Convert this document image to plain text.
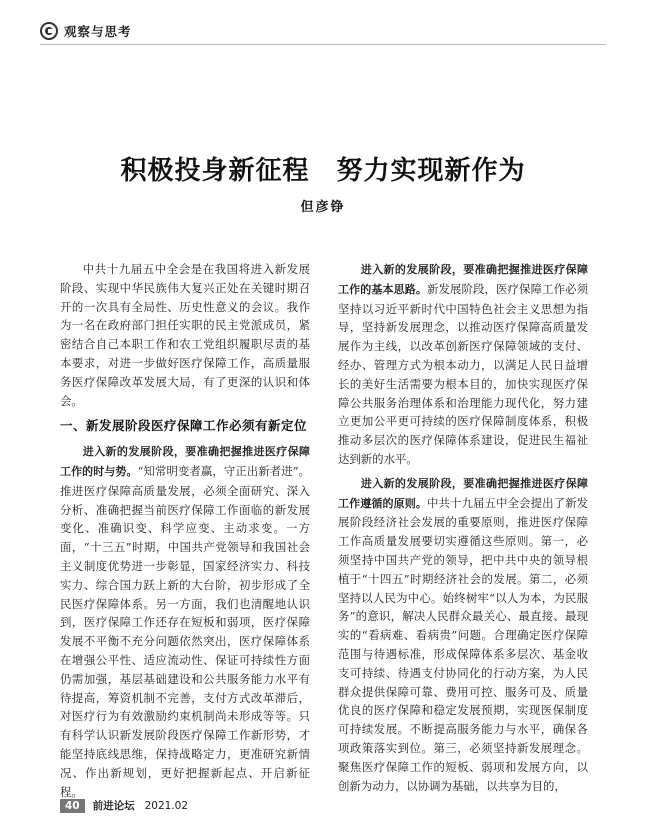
观察与思考
积极投身新征程　努力实现新作为
但彦铮

中共十九届五中全会是在我国将进入新发展阶段、实现中华民族伟大复兴正处在关键时期召开的一次具有全局性、历史性意义的会议。我作为一名在政府部门担任实职的民主党派成员，紧密结合自己本职工作和农工党组织履职尽责的基本要求，对进一步做好医疗保障工作，高质量服务医疗保障改革发展大局，有了更深的认识和体会。

一、新发展阶段医疗保障工作必须有新定位

进入新的发展阶段，要准确把握推进医疗保障工作的时与势。“知常明变者赢，守正出新者进”。推进医疗保障高质量发展，必须全面研究、深入分析、准确把握当前医疗保障工作面临的新发展变化、准确识变、科学应变、主动求变。一方面，“十三五”时期，中国共产党领导和我国社会主义制度优势进一步彰显，国家经济实力、科技实力、综合国力跃上新的大台阶，初步形成了全民医疗保障体系。另一方面，我们也清醒地认识到，医疗保障工作还存在短板和弱项，医疗保障发展不平衡不充分问题依然突出，医疗保障体系在增强公平性、适应流动性、保证可持续性方面仍需加强，基层基础建设和公共服务能力水平有待提高，筹资机制不完善，支付方式改革滞后，对医疗行为有效激励约束机制尚未形成等等。只有科学认识新发展阶段医疗保障工作新形势，才能坚持底线思维，保持战略定力，更准研究新情况、作出新规划，更好把握新起点、开启新征程。

进入新的发展阶段，要准确把握推进医疗保障工作的基本思路。新发展阶段，医疗保障工作必须坚持以习近平新时代中国特色社会主义思想为指导，坚持新发展理念，以推动医疗保障高质量发展作为主线，以改革创新医疗保障领域的支付、经办、管理方式为根本动力，以满足人民日益增长的美好生活需要为根本目的，加快实现医疗保障公共服务治理体系和治理能力现代化，努力建立更加公平更可持续的医疗保障制度体系，积极推动多层次的医疗保障体系建设，促进民生福祉达到新的水平。

进入新的发展阶段，要准确把握推进医疗保障工作遵循的原则。中共十九届五中全会提出了新发展阶段经济社会发展的重要原则，推进医疗保障工作高质量发展要切实遵循这些原则。第一，必须坚持中国共产党的领导，把中共中央的领导根植于“十四五”时期经济社会的发展。第二，必须坚持以人民为中心。始终树牢“以人为本，为民服务”的意识，解决人民群众最关心、最直接、最现实的“看病难、看病贵”问题。合理确定医疗保障范围与待遇标准，形成保障体系多层次、基金收支可持续、待遇支付协同化的行动方案，为人民群众提供保障可靠、费用可控、服务可及、质量优良的医疗保障和稳定发展预期，实现医保制度可持续发展。不断提高服务能力与水平，确保各项政策落实到位。第三，必须坚持新发展理念。聚焦医疗保障工作的短板、弱项和发展方向，以创新为动力，以协调为基础，以共享为目的，

40	前进论坛 2021.02
